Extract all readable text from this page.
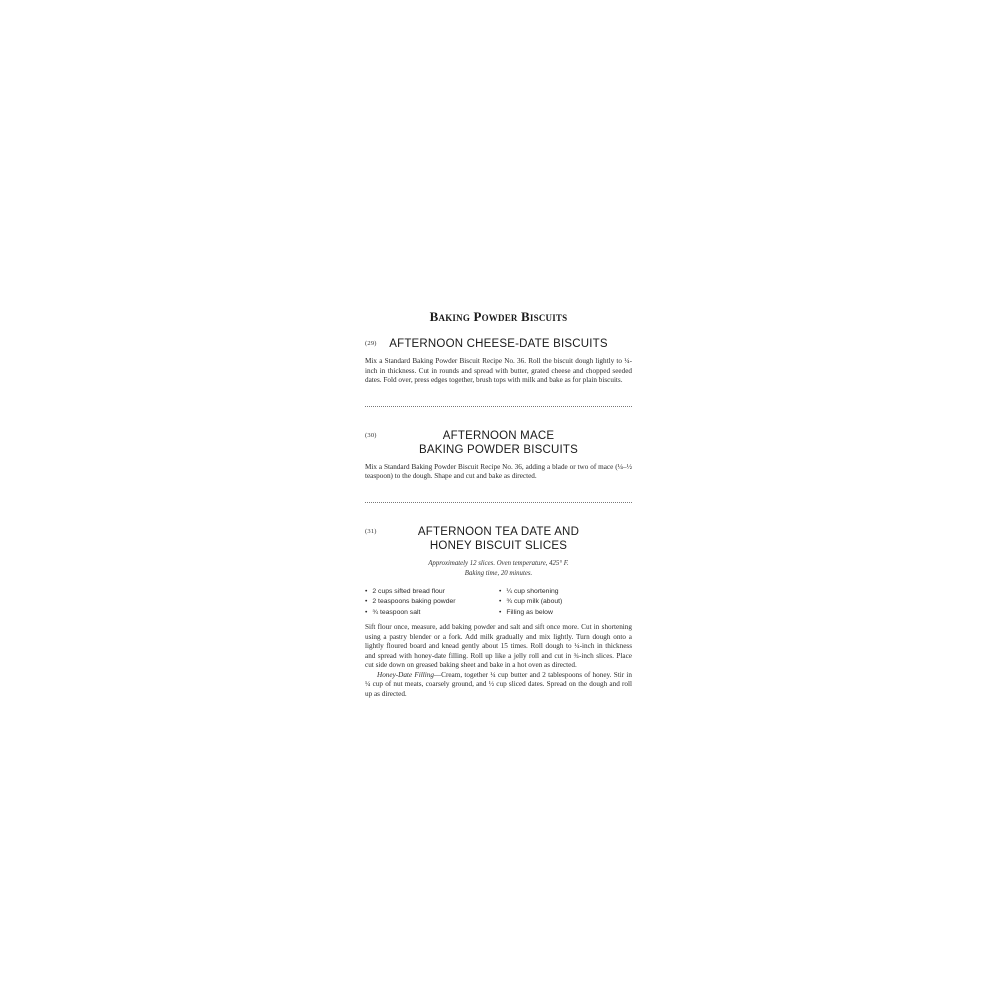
Baking Powder Biscuits
(29)	AFTERNOON CHEESE-DATE BISCUITS

Mix a Standard Baking Powder Biscuit Recipe No. 36. Roll the biscuit dough lightly to ¼-inch in thickness. Cut in rounds and spread with butter, grated cheese and chopped seeded dates. Fold over, press edges together, brush tops with milk and bake as for plain biscuits.

(30)	AFTERNOON MACE
BAKING POWDER BISCUITS

Mix a Standard Baking Powder Biscuit Recipe No. 36, adding a blade or two of mace (¼–½ teaspoon) to the dough. Shape and cut and bake as directed.

(31)	AFTERNOON TEA DATE AND
HONEY BISCUIT SLICES
Approximately 12 slices. Oven temperature, 425° F.
Baking time, 20 minutes.
• 2 cups sifted bread flour
• 2 teaspoons baking powder
• ¾ teaspoon salt
• ¼ cup shortening
• ¾ cup milk (about)
• Filling as below

Sift flour once, measure, add baking powder and salt and sift once more. Cut in shortening using a pastry blender or a fork. Add milk gradually and mix lightly. Turn dough onto a lightly floured board and knead gently about 15 times. Roll dough to ¼-inch in thickness and spread with honey-date filling. Roll up like a jelly roll and cut in ¾-inch slices. Place cut side down on greased baking sheet and bake in a hot oven as directed.

Honey-Date Filling—Cream, together ¼ cup butter and 2 tablespoons of honey. Stir in ¼ cup of nut meats, coarsely ground, and ½ cup sliced dates. Spread on the dough and roll up as directed.
